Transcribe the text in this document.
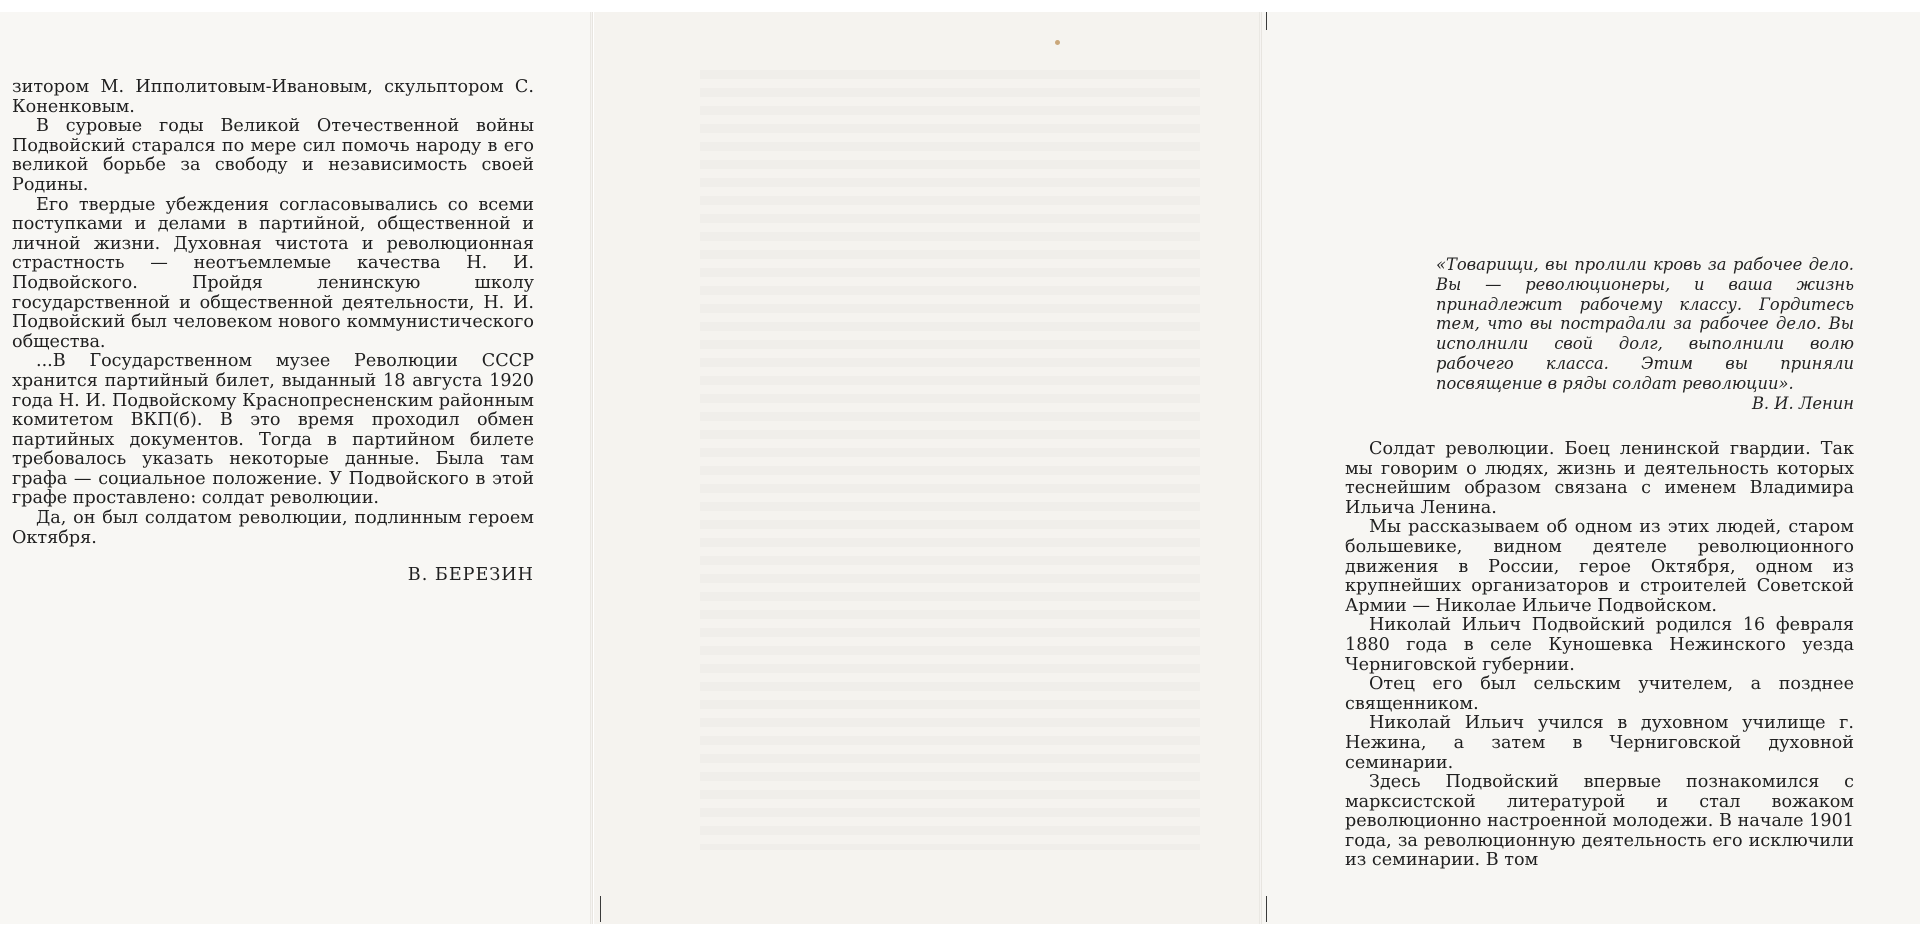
зитором М. Ипполитовым-Ивановым, скульптором С. Коненковым.

В суровые годы Великой Отечественной войны Подвойский старался по мере сил помочь народу в его великой борьбе за свободу и независимость своей Родины.

Его твердые убеждения согласовывались со всеми поступками и делами в партийной, общественной и личной жизни. Духовная чистота и революционная страстность — неотъемлемые качества Н. И. Подвойского. Пройдя ленинскую школу государственной и общественной деятельности, Н. И. Подвойский был человеком нового коммунистического общества.

...В Государственном музее Революции СССР хранится партийный билет, выданный 18 августа 1920 года Н. И. Подвойскому Краснопресненским районным комитетом ВКП(б). В это время проходил обмен партийных документов. Тогда в партийном билете требовалось указать некоторые данные. Была там графа — социальное положение. У Подвойского в этой графе проставлено: солдат революции.

Да, он был солдатом революции, подлинным героем Октября.

В. БЕРЕЗИН
«Товарищи, вы пролили кровь за рабочее дело. Вы — революционеры, и ваша жизнь принадлежит рабочему классу. Гордитесь тем, что вы пострадали за рабочее дело. Вы исполнили свой долг, выполнили волю рабочего класса. Этим вы приняли посвящение в ряды солдат революции».
В. И. Ленин

Солдат революции. Боец ленинской гвардии. Так мы говорим о людях, жизнь и деятельность которых теснейшим образом связана с именем Владимира Ильича Ленина.

Мы рассказываем об одном из этих людей, старом большевике, видном деятеле революционного движения в России, герое Октября, одном из крупнейших организаторов и строителей Советской Армии — Николае Ильиче Подвойском.

Николай Ильич Подвойский родился 16 февраля 1880 года в селе Куношевка Нежинского уезда Черниговской губернии.

Отец его был сельским учителем, а позднее священником.

Николай Ильич учился в духовном училище г. Нежина, а затем в Черниговской духовной семинарии.

Здесь Подвойский впервые познакомился с марксистской литературой и стал вожаком революционно настроенной молодежи. В начале 1901 года, за революционную деятельность его исключили из семинарии. В том
